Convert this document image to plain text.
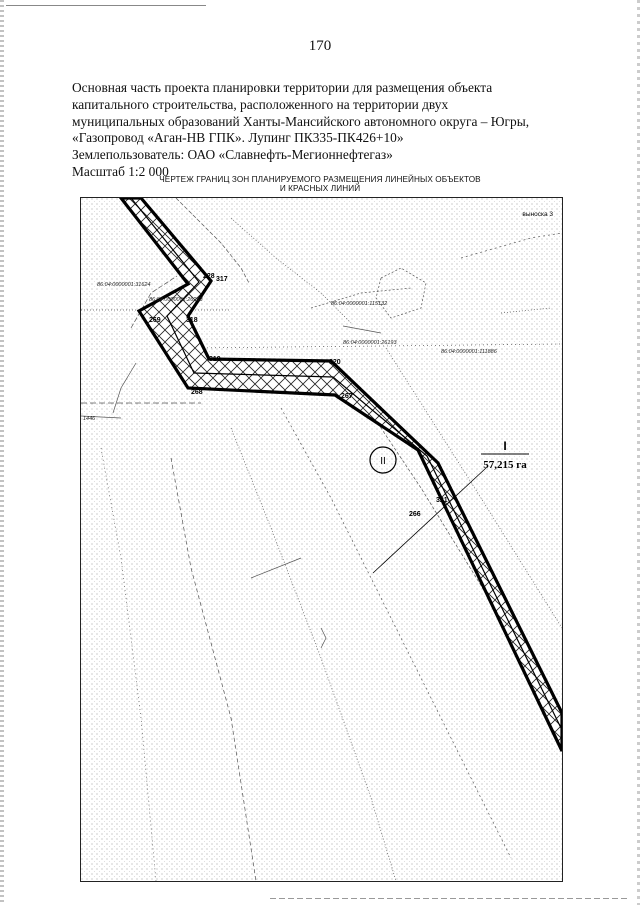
170
Основная часть проекта планировки территории для размещения объекта
капитального строительства, расположенного на территории двух
муниципальных образований Ханты-Мансийского автономного округа – Югры,
«Газопровод «Аган-НВ ГПК». Лупинг ПК335-ПК426+10»
Землепользователь: ОАО «Славнефть-Мегионнефтегаз»
Масштаб 1:2 000
ЧЕРТЕЖ ГРАНИЦ ЗОН ПЛАНИРУЕМОГО РАЗМЕЩЕНИЯ ЛИНЕЙНЫХ ОБЪЕКТОВ
И КРАСНЫХ ЛИНИЙ
II
I
57,215 га
выноска 3
86:04:0000001:31624
86:04:0000001:26253
86:04:0000001:115132
86:04:0000001:26193
86:04:0000001:111886
1446
228 317
269	318
319
268
320
267
321
266
